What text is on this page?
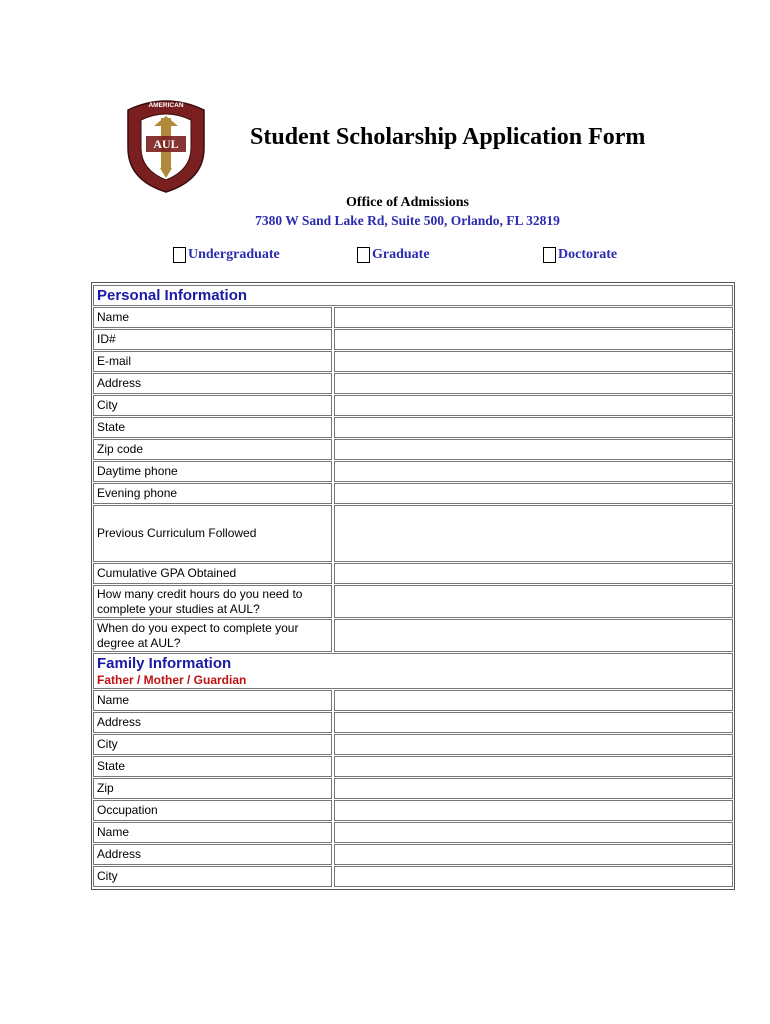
AUL
AMERICAN
Student Scholarship Application Form
Office of Admissions
7380 W Sand Lake Rd, Suite 500, Orlando, FL 32819
Undergraduate	Graduate	Doctorate
Personal Information
Name
ID#
E-mail
Address
City
State
Zip code
Daytime phone
Evening phone
Previous Curriculum Followed
Cumulative GPA Obtained
How many credit hours do you need to complete your studies at AUL?
When do you expect to complete your degree at AUL?
Family Information
Father / Mother / Guardian
Name
Address
City
State
Zip
Occupation
Name
Address
City
